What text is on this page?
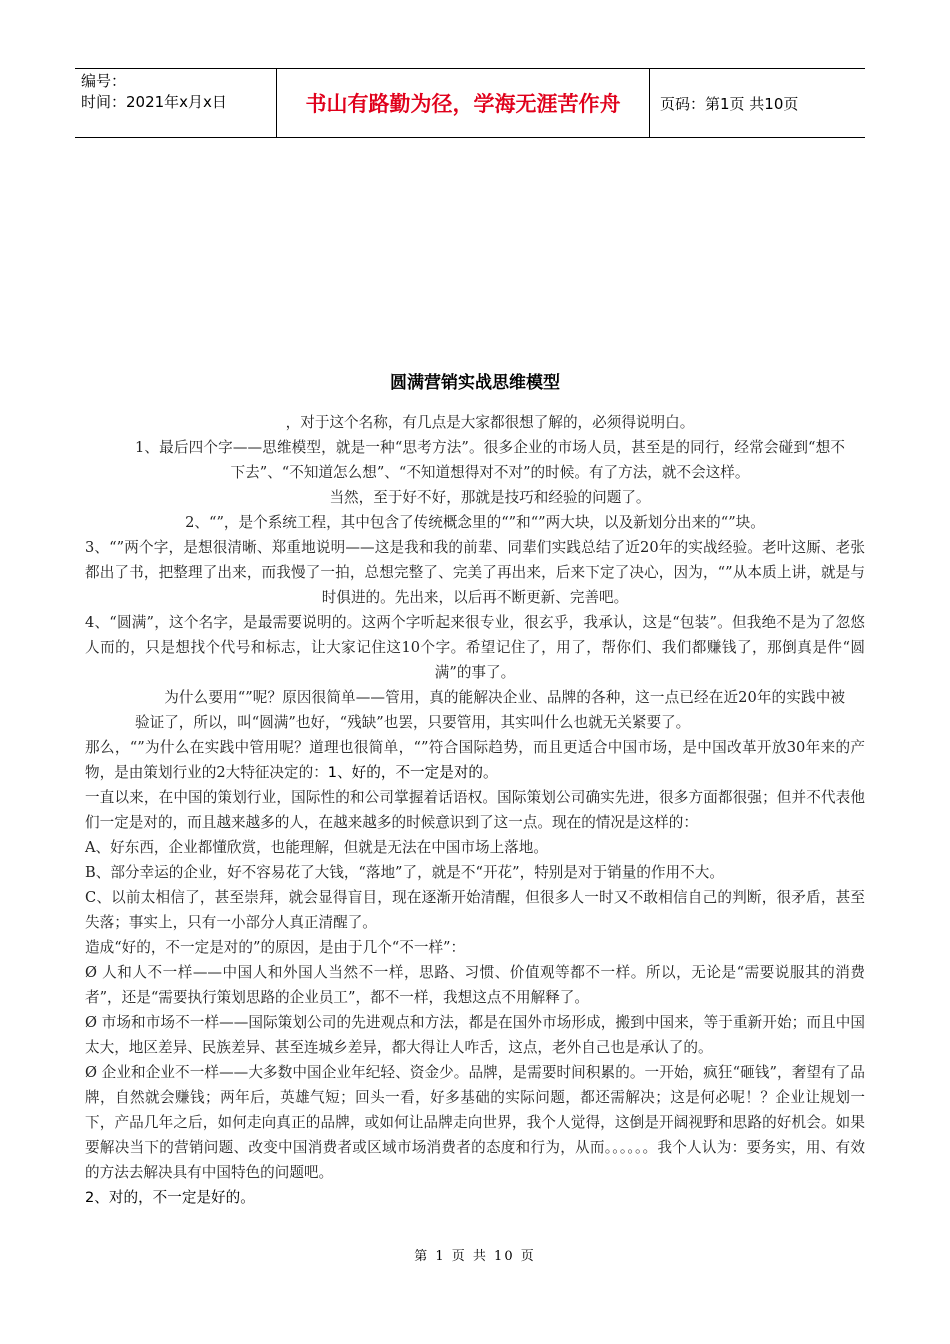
编号：
时间：2021年x月x日	书山有路勤为径，学海无涯苦作舟	页码：第1页 共10页
圆满营销实战思维模型

，对于这个名称，有几点是大家都很想了解的，必须得说明白。

1、最后四个字——思维模型，就是一种“思考方法”。很多企业的市场人员，甚至是的同行，经常会碰到“想不下去”、“不知道怎么想”、“不知道想得对不对”的时候。有了方法，就不会这样。

当然，至于好不好，那就是技巧和经验的问题了。

2、“”，是个系统工程，其中包含了传统概念里的“”和“”两大块，以及新划分出来的“”块。

3、“”两个字，是想很清晰、郑重地说明——这是我和我的前辈、同辈们实践总结了近20年的实战经验。老叶这厮、老张都出了书，把整理了出来，而我慢了一拍，总想完整了、完美了再出来，后来下定了决心，因为，“”从本质上讲，就是与时俱进的。先出来，以后再不断更新、完善吧。

4、“圆满”，这个名字，是最需要说明的。这两个字听起来很专业，很玄乎，我承认，这是“包装”。但我绝不是为了忽悠人而的，只是想找个代号和标志，让大家记住这10个字。希望记住了，用了，帮你们、我们都赚钱了，那倒真是件“圆满”的事了。

为什么要用“”呢？原因很简单——管用，真的能解决企业、品牌的各种，这一点已经在近20年的实践中被验证了，所以，叫“圆满”也好，“残缺”也罢，只要管用，其实叫什么也就无关紧要了。

那么，“”为什么在实践中管用呢？道理也很简单，“”符合国际趋势，而且更适合中国市场，是中国改革开放30年来的产物，是由策划行业的2大特征决定的：1、好的，不一定是对的。

一直以来，在中国的策划行业，国际性的和公司掌握着话语权。国际策划公司确实先进，很多方面都很强；但并不代表他们一定是对的，而且越来越多的人，在越来越多的时候意识到了这一点。现在的情况是这样的：

A、好东西，企业都懂欣赏，也能理解，但就是无法在中国市场上落地。

B、部分幸运的企业，好不容易花了大钱，“落地”了，就是不“开花”，特别是对于销量的作用不大。

C、以前太相信了，甚至崇拜，就会显得盲目，现在逐渐开始清醒，但很多人一时又不敢相信自己的判断，很矛盾，甚至失落；事实上，只有一小部分人真正清醒了。

造成“好的，不一定是对的”的原因，是由于几个“不一样”：

Ø 人和人不一样——中国人和外国人当然不一样，思路、习惯、价值观等都不一样。所以，无论是“需要说服其的消费者”，还是“需要执行策划思路的企业员工”，都不一样，我想这点不用解释了。

Ø 市场和市场不一样——国际策划公司的先进观点和方法，都是在国外市场形成，搬到中国来，等于重新开始；而且中国太大，地区差异、民族差异、甚至连城乡差异，都大得让人咋舌，这点，老外自己也是承认了的。

Ø 企业和企业不一样——大多数中国企业年纪轻、资金少。品牌，是需要时间积累的。一开始，疯狂“砸钱”，奢望有了品牌，自然就会赚钱；两年后，英雄气短；回头一看，好多基础的实际问题，都还需解决；这是何必呢！？企业让规划一下，产品几年之后，如何走向真正的品牌，或如何让品牌走向世界，我个人觉得，这倒是开阔视野和思路的好机会。如果要解决当下的营销问题、改变中国消费者或区域市场消费者的态度和行为，从而。。。。。。我个人认为：要务实，用、有效的方法去解决具有中国特色的问题吧。

2、对的，不一定是好的。

第 1 页 共 10 页
